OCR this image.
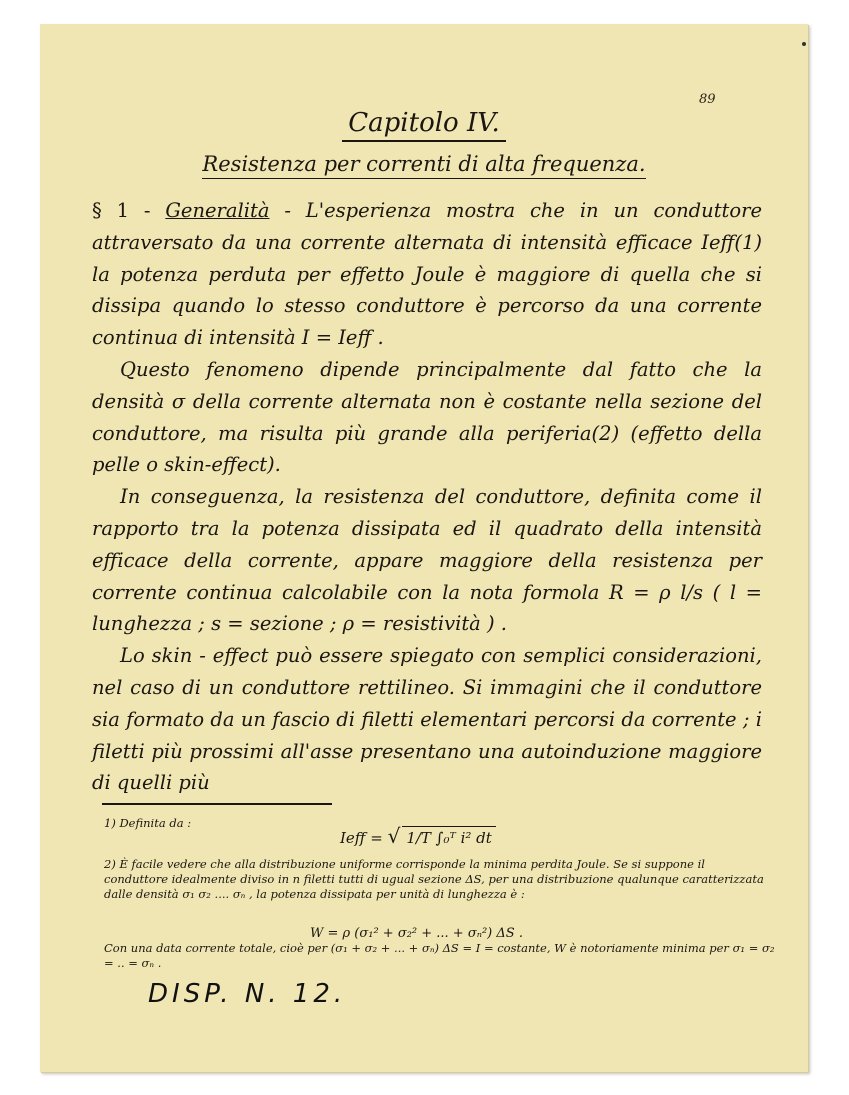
89
Capitolo IV.
Resistenza per correnti di alta frequenza.

§ 1 - Generalità - L'esperienza mostra che in un conduttore attraversato da una corrente alternata di intensità efficace Ieff(1) la potenza perduta per effetto Joule è maggiore di quella che si dissipa quando lo stesso conduttore è percorso da una corrente continua di intensità I = Ieff .

Questo fenomeno dipende principalmente dal fatto che la densità σ della corrente alternata non è costante nella sezione del conduttore, ma risulta più grande alla periferia(2) (effetto della pelle o skin-effect).

In conseguenza, la resistenza del conduttore, definita come il rapporto tra la potenza dissipata ed il quadrato della intensità efficace della corrente, appare maggiore della resistenza per corrente continua calcolabile con la nota formola R = ρ l/s ( l = lunghezza ; s = sezione ; ρ = resistività ) .

Lo skin - effect può essere spiegato con semplici considerazioni, nel caso di un conduttore rettilineo. Si immagini che il conduttore sia formato da un fascio di filetti elementari percorsi da corrente ; i filetti più prossimi all'asse presentano una autoinduzione maggiore di quelli più

1) Definita da :

Ieff = √ 1/T ∫₀ᵀ i² dt

2) È facile vedere che alla distribuzione uniforme corrisponde la minima perdita Joule. Se si suppone il conduttore idealmente diviso in n filetti tutti di ugual sezione ΔS, per una distribuzione qualunque caratterizzata dalle densità σ₁ σ₂ .... σₙ , la potenza dissipata per unità di lunghezza è :

W = ρ (σ₁² + σ₂² + ... + σₙ²) ΔS .

Con una data corrente totale, cioè per (σ₁ + σ₂ + ... + σₙ) ΔS = I = costante, W è notoriamente minima per σ₁ = σ₂ = .. = σₙ .

DISP. N. 12.
